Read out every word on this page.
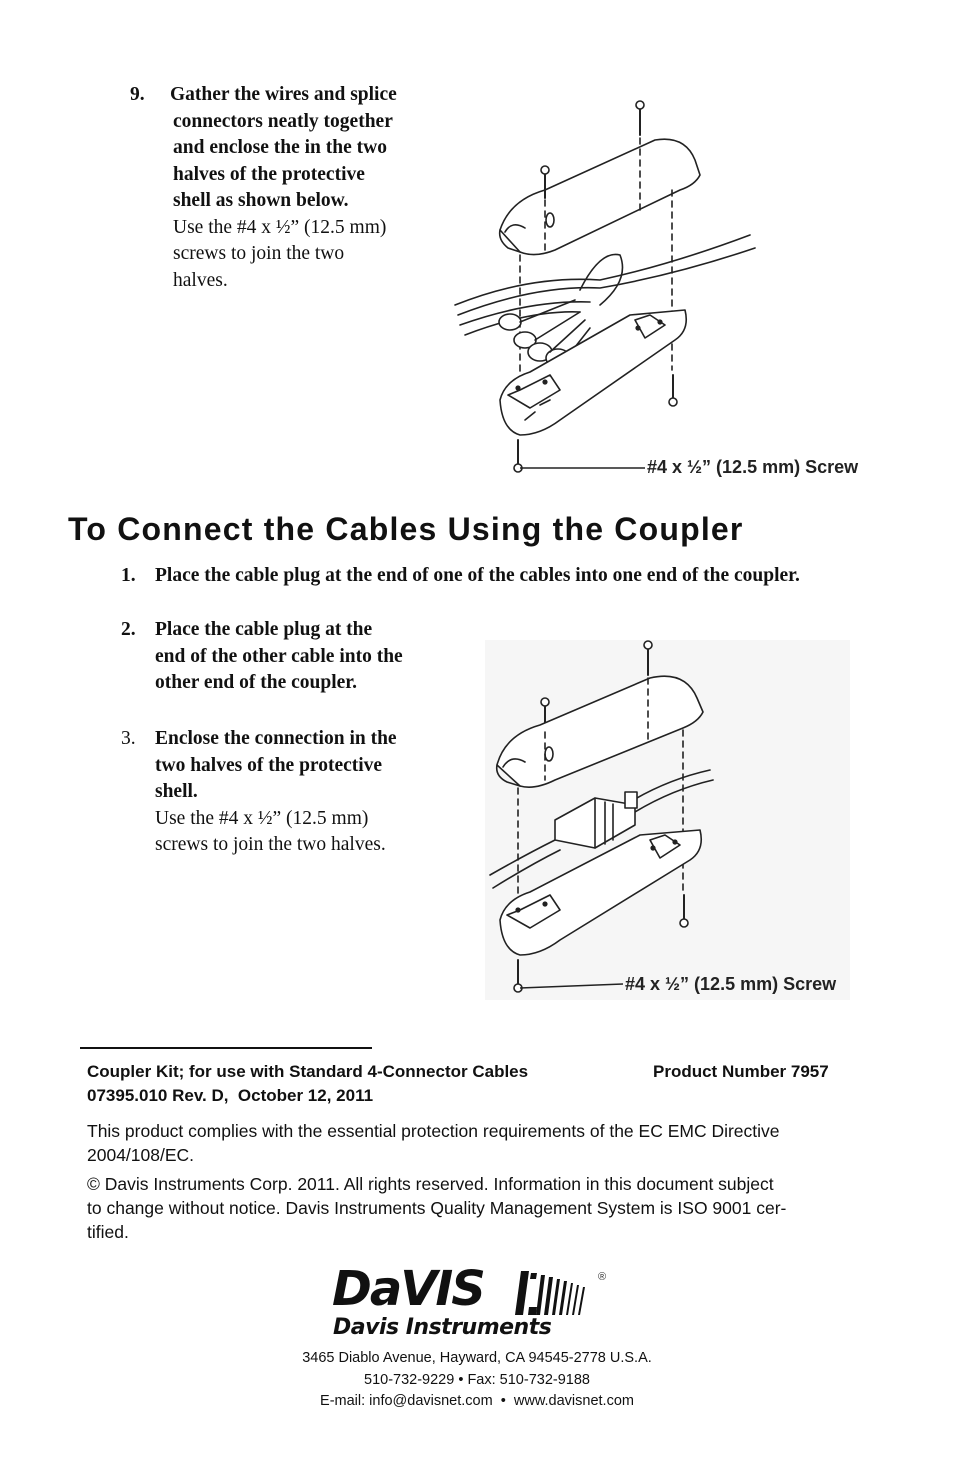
9. Gather the wires and splice
connectors neatly together
and enclose the in the two
halves of the protective
shell as shown below.
Use the #4 x ½” (12.5 mm)
screws to join the two
halves.
#4 x ½” (12.5 mm) Screw
To Connect the Cables Using the Coupler
1. Place the cable plug at the end of one of the cables into one end of the coupler.
2. Place the cable plug at the
end of the other cable into the
other end of the coupler.
3. Enclose the connection in the
two halves of the protective
shell.
Use the #4 x ½” (12.5 mm)
screws to join the two halves.
#4 x ½” (12.5 mm) Screw
Coupler Kit; for use with Standard 4-Connector Cables	Product Number 7957
07395.010 Rev. D,  October 12, 2011
This product complies with the essential protection requirements of the EC EMC Directive
2004/108/EC.
© Davis Instruments Corp. 2011. All rights reserved. Information in this document subject
to change without notice. Davis Instruments Quality Management System is ISO 9001 cer-
tified.
DaVIS	®
Davis Instruments
3465 Diablo Avenue, Hayward, CA 94545-2778 U.S.A.
510-732-9229 • Fax: 510-732-9188
E-mail: info@davisnet.com  •  www.davisnet.com
